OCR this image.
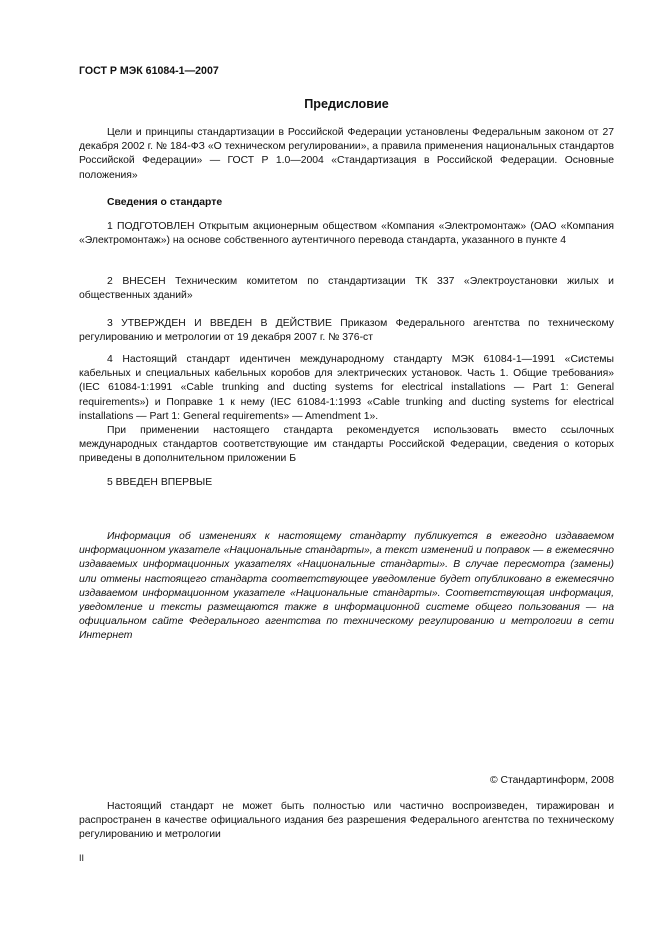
ГОСТ Р МЭК 61084-1—2007
Предисловие

Цели и принципы стандартизации в Российской Федерации установлены Федеральным законом от 27 декабря 2002 г. № 184-ФЗ «О техническом регулировании», а правила применения национальных стандартов Российской Федерации» — ГОСТ Р 1.0—2004 «Стандартизация в Российской Федерации. Основные положения»

Сведения о стандарте

1 ПОДГОТОВЛЕН Открытым акционерным обществом «Компания «Электромонтаж» (ОАО «Компания «Электромонтаж») на основе собственного аутентичного перевода стандарта, указанного в пункте 4

2 ВНЕСЕН Техническим комитетом по стандартизации ТК 337 «Электроустановки жилых и общественных зданий»

3 УТВЕРЖДЕН И ВВЕДЕН В ДЕЙСТВИЕ Приказом Федерального агентства по техническому регулированию и метрологии от 19 декабря 2007 г. № 376-ст

4 Настоящий стандарт идентичен международному стандарту МЭК 61084-1—1991 «Системы кабельных и специальных кабельных коробов для электрических установок. Часть 1. Общие требования» (IEC 61084-1:1991 «Cable trunking and ducting systems for electrical installations — Part 1: General requirements») и Поправке 1 к нему (IEC 61084-1:1993 «Cable trunking and ducting systems for electrical installations — Part 1: General requirements» — Amendment 1».

При применении настоящего стандарта рекомендуется использовать вместо ссылочных международных стандартов соответствующие им стандарты Российской Федерации, сведения о которых приведены в дополнительном приложении Б

5 ВВЕДЕН ВПЕРВЫЕ

Информация об изменениях к настоящему стандарту публикуется в ежегодно издаваемом информационном указателе «Национальные стандарты», а текст изменений и поправок — в ежемесячно издаваемых информационных указателях «Национальные стандарты». В случае пересмотра (замены) или отмены настоящего стандарта соответствующее уведомление будет опубликовано в ежемесячно издаваемом информационном указателе «Национальные стандарты». Соответствующая информация, уведомление и тексты размещаются также в информационной системе общего пользования — на официальном сайте Федерального агентства по техническому регулированию и метрологии в сети Интернет

© Стандартинформ, 2008

Настоящий стандарт не может быть полностью или частично воспроизведен, тиражирован и распространен в качестве официального издания без разрешения Федерального агентства по техническому регулированию и метрологии

II
